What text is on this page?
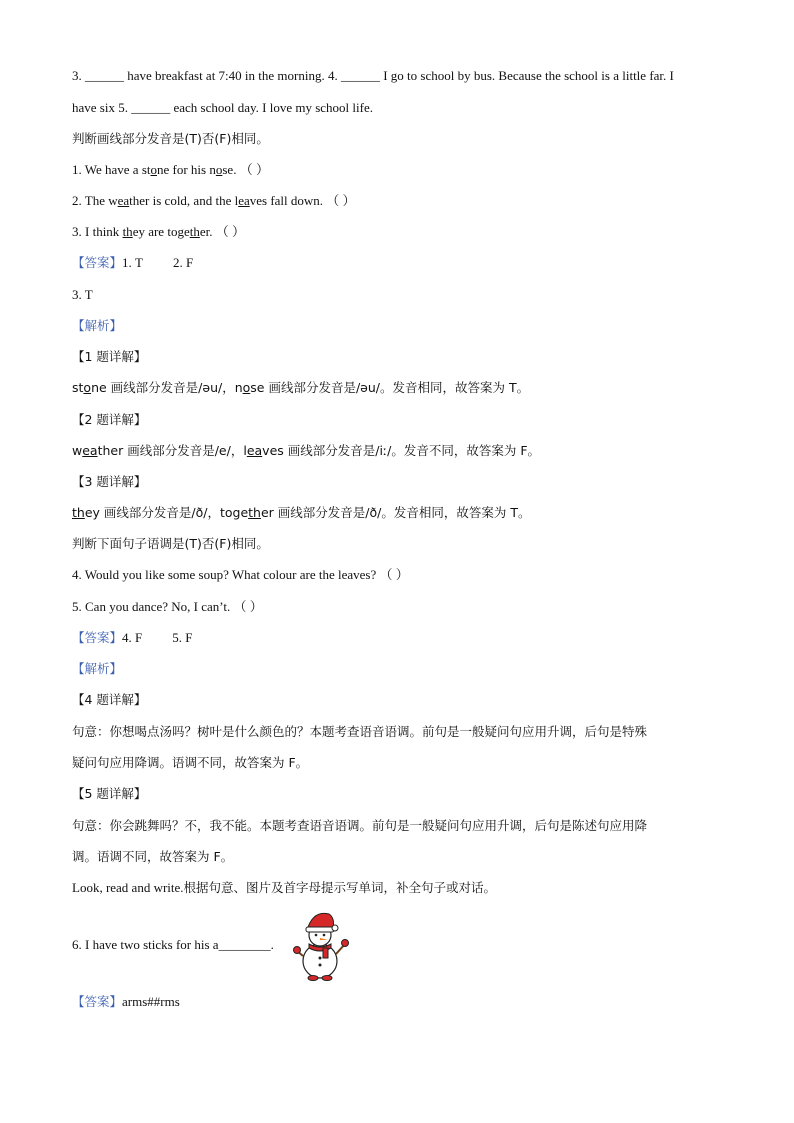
3. ______ have breakfast at 7:40 in the morning. 4. ______ I go to school by bus. Because the school is a little far. I
have six 5. ______ each school day. I love my school life.
判断画线部分发音是(T)否(F)相同。
1. We have a stone for his nose. （ ）
2. The weather is cold, and the leaves fall down. （ ）
3. I think they are together. （ ）
【答案】1. T 2. F
3. T
【解析】
【1 题详解】
stone 画线部分发音是/əu/，nose 画线部分发音是/əu/。发音相同，故答案为 T。
【2 题详解】
weather 画线部分发音是/e/，leaves 画线部分发音是/iː/。发音不同，故答案为 F。
【3 题详解】
they 画线部分发音是/ð/，together 画线部分发音是/ð/。发音相同，故答案为 T。
判断下面句子语调是(T)否(F)相同。
4. Would you like some soup? What colour are the leaves? （ ）
5. Can you dance? No, I can’t. （ ）
【答案】4. F 5. F
【解析】
【4 题详解】
句意：你想喝点汤吗？树叶是什么颜色的？本题考查语音语调。前句是一般疑问句应用升调，后句是特殊
疑问句应用降调。语调不同，故答案为 F。
【5 题详解】
句意：你会跳舞吗？不，我不能。本题考查语音语调。前句是一般疑问句应用升调，后句是陈述句应用降
调。语调不同，故答案为 F。
Look, read and write.根据句意、图片及首字母提示写单词，补全句子或对话。
6. I have two sticks for his a________.
【答案】arms##rms
